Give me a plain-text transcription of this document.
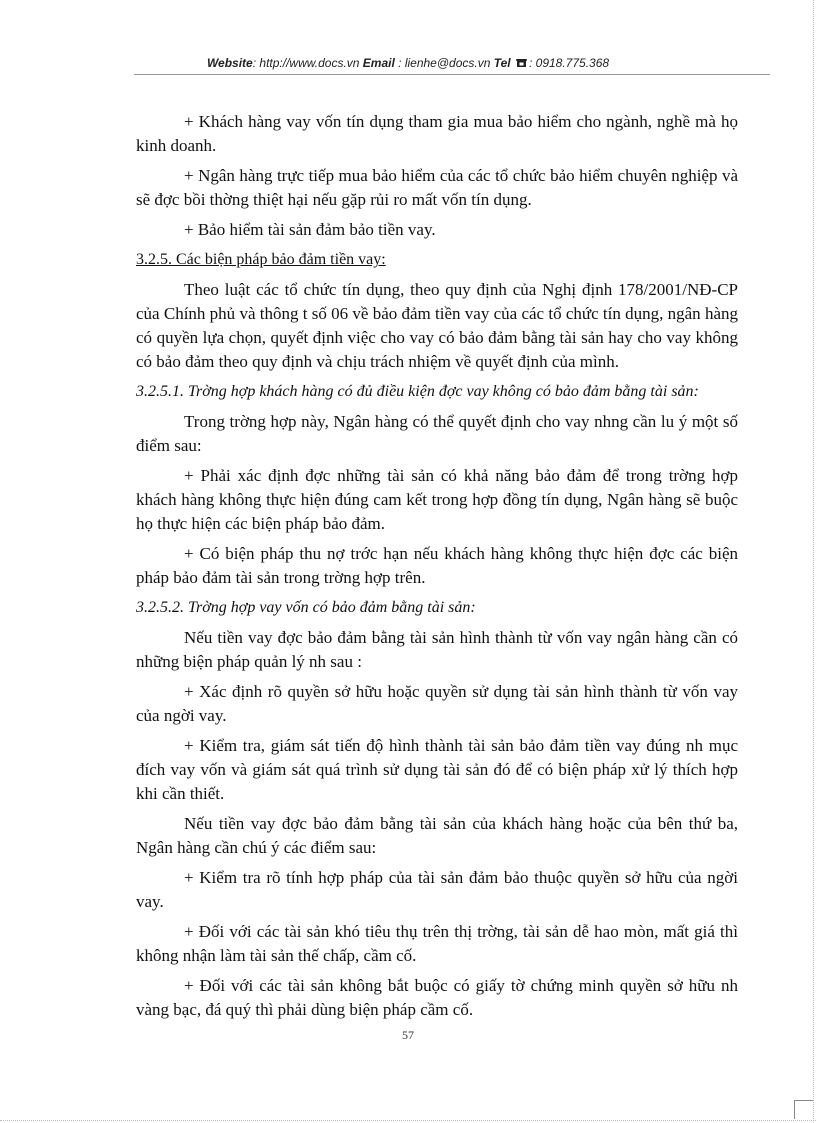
Website: http://www.docs.vn Email : lienhe@docs.vn Tel : 0918.775.368

+ Khách hàng vay vốn tín dụng tham gia mua bảo hiểm cho ngành, nghề mà họ kinh doanh.

+ Ngân hàng trực tiếp mua bảo hiểm của các tổ chức bảo hiểm chuyên nghiệp và sẽ đợc bồi thờng thiệt hại nếu gặp rủi ro mất vốn tín dụng.

+ Bảo hiểm tài sản đảm bảo tiền vay.

3.2.5. Các biện pháp bảo đảm tiền vay:

Theo luật các tổ chức tín dụng, theo quy định của Nghị định 178/2001/NĐ-CP của Chính phủ và thông t số 06 về bảo đảm tiền vay của các tổ chức tín dụng, ngân hàng có quyền lựa chọn, quyết định việc cho vay có bảo đảm bằng tài sản hay cho vay không có bảo đảm theo quy định và chịu trách nhiệm về quyết định của mình.

3.2.5.1. Trờng hợp khách hàng có đủ điều kiện đợc vay không có bảo đảm bằng tài sản:

Trong trờng hợp này, Ngân hàng có thể quyết định cho vay nhng cần lu ý một số điểm sau:

+ Phải xác định đợc những tài sản có khả năng bảo đảm để trong trờng hợp khách hàng không thực hiện đúng cam kết trong hợp đồng tín dụng, Ngân hàng sẽ buộc họ thực hiện các biện pháp bảo đảm.

+ Có biện pháp thu nợ trớc hạn nếu khách hàng không thực hiện đợc các biện pháp bảo đảm tài sản trong trờng hợp trên.

3.2.5.2. Trờng hợp vay vốn có bảo đảm bằng tài sản:

Nếu tiền vay đợc bảo đảm bằng tài sản hình thành từ vốn vay ngân hàng cần có những biện pháp quản lý nh sau :

+ Xác định rõ quyền sở hữu hoặc quyền sử dụng tài sản hình thành từ vốn vay của ngời vay.

+ Kiểm tra, giám sát tiến độ hình thành tài sản bảo đảm tiền vay đúng nh mục đích vay vốn và giám sát quá trình sử dụng tài sản đó để có biện pháp xử lý thích hợp khi cần thiết.

Nếu tiền vay đợc bảo đảm bằng tài sản của khách hàng hoặc của bên thứ ba, Ngân hàng cần chú ý các điểm sau:

+ Kiểm tra rõ tính hợp pháp của tài sản đảm bảo thuộc quyền sở hữu của ngời vay.

+ Đối với các tài sản khó tiêu thụ trên thị trờng, tài sản dễ hao mòn, mất giá thì không nhận làm tài sản thế chấp, cầm cố.

+ Đối với các tài sản không bắt buộc có giấy tờ chứng minh quyền sở hữu nh vàng bạc, đá quý thì phải dùng biện pháp cầm cố.

57
